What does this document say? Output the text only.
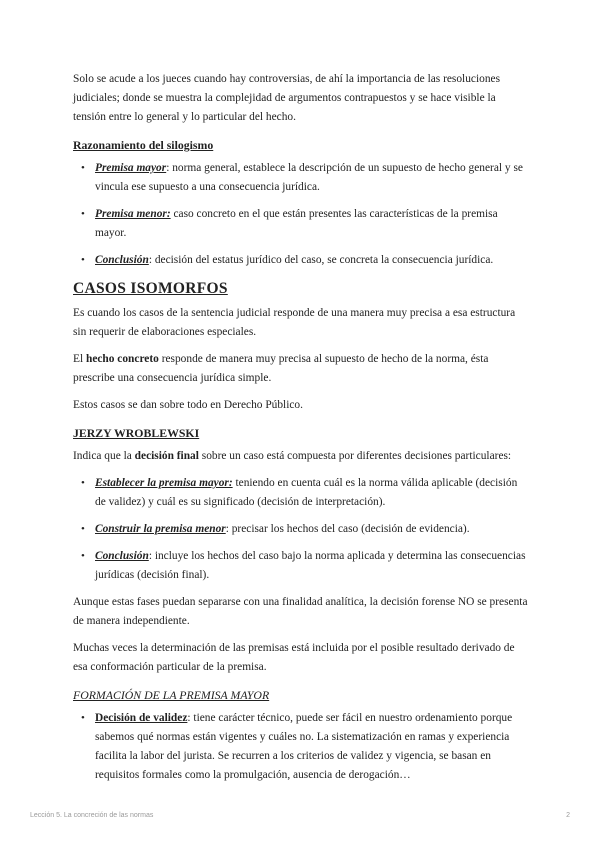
Solo se acude a los jueces cuando hay controversias, de ahí la importancia de las resoluciones judiciales; donde se muestra la complejidad de argumentos contrapuestos y se hace visible la tensión entre lo general y lo particular del hecho.

Razonamiento del silogismo
• Premisa mayor: norma general, establece la descripción de un supuesto de hecho general y se vincula ese supuesto a una consecuencia jurídica.
• Premisa menor: caso concreto en el que están presentes las características de la premisa mayor.
• Conclusión: decisión del estatus jurídico del caso, se concreta la consecuencia jurídica.
CASOS ISOMORFOS

Es cuando los casos de la sentencia judicial responde de una manera muy precisa a esa estructura sin requerir de elaboraciones especiales.

El hecho concreto responde de manera muy precisa al supuesto de hecho de la norma, ésta prescribe una consecuencia jurídica simple.

Estos casos se dan sobre todo en Derecho Público.

JERZY WROBLEWSKI

Indica que la decisión final sobre un caso está compuesta por diferentes decisiones particulares:

• Establecer la premisa mayor: teniendo en cuenta cuál es la norma válida aplicable (decisión de validez) y cuál es su significado (decisión de interpretación).
• Construir la premisa menor: precisar los hechos del caso (decisión de evidencia).
• Conclusión: incluye los hechos del caso bajo la norma aplicada y determina las consecuencias jurídicas (decisión final).

Aunque estas fases puedan separarse con una finalidad analítica, la decisión forense NO se presenta de manera independiente.

Muchas veces la determinación de las premisas está incluida por el posible resultado derivado de esa conformación particular de la premisa.

FORMACIÓN DE LA PREMISA MAYOR
• Decisión de validez: tiene carácter técnico, puede ser fácil en nuestro ordenamiento porque sabemos qué normas están vigentes y cuáles no. La sistematización en ramas y experiencia facilita la labor del jurista. Se recurren a los criterios de validez y vigencia, se basan en requisitos formales como la promulgación, ausencia de derogación…
Lección 5. La concreción de las normas	2
